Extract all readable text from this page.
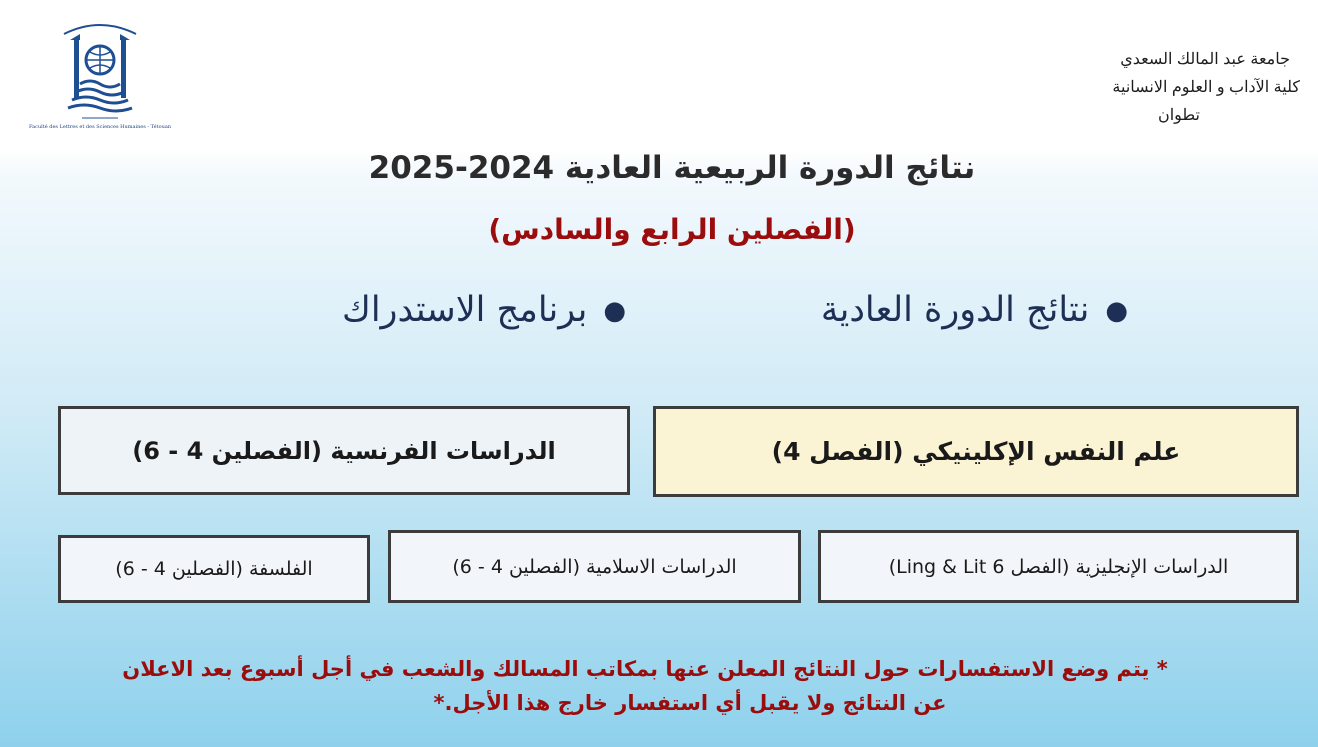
Faculté des Lettres et des Sciences Humaines - Tétouan
جامعة عبد المالك السعدي
كلية الآداب و العلوم الانسانية
تطوان
نتائج الدورة الربيعية العادية 2024-2025
(الفصلين الرابع والسادس)
●نتائج الدورة العادية
●برنامج الاستدراك
علم النفس الإكلينيكي (الفصل 4)
الدراسات الفرنسية (الفصلين 4 - 6)
الدراسات الإنجليزية (الفصل 6 Ling & Lit)
الدراسات الاسلامية (الفصلين 4 - 6)
الفلسفة (الفصلين 4 - 6)
* يتم وضع الاستفسارات حول النتائج المعلن عنها بمكاتب المسالك والشعب في أجل أسبوع بعد الاعلان
عن النتائج ولا يقبل أي استفسار خارج هذا الأجل.*
